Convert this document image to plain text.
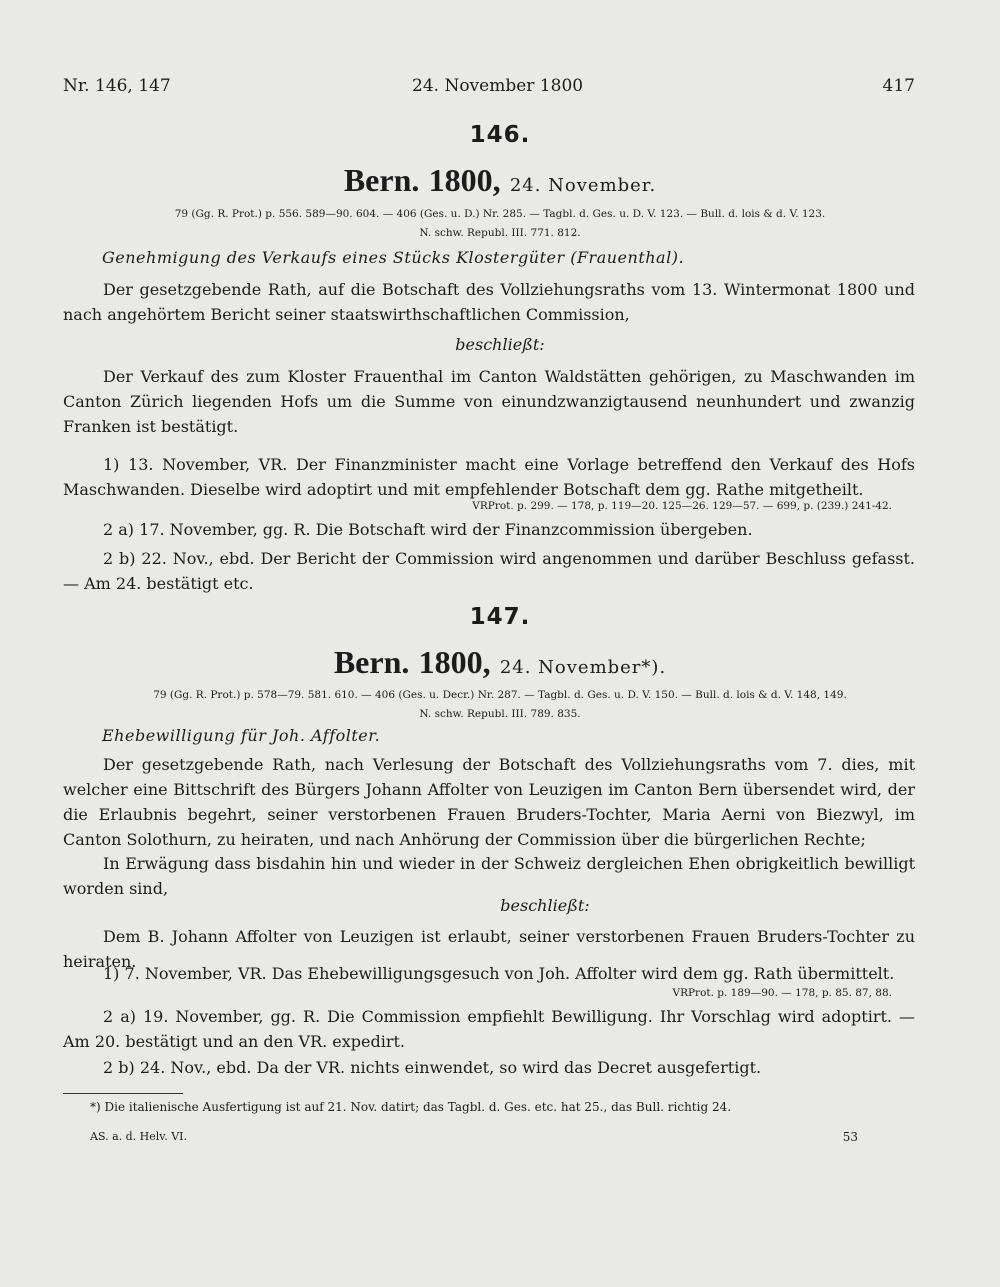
Nr. 146, 147	24. November 1800	417
146.
Bern. 1800, 24. November.
79 (Gg. R. Prot.) p. 556. 589—90. 604. — 406 (Ges. u. D.) Nr. 285. — Tagbl. d. Ges. u. D. V. 123. — Bull. d. lois & d. V. 123.
N. schw. Republ. III. 771. 812.
Genehmigung des Verkaufs eines Stücks Klostergüter (Frauenthal).

Der gesetzgebende Rath, auf die Botschaft des Vollziehungsraths vom 13. Wintermonat 1800 und nach angehörtem Bericht seiner staatswirthschaftlichen Commission,

beschließt:

Der Verkauf des zum Kloster Frauenthal im Canton Waldstätten gehörigen, zu Maschwanden im Canton Zürich liegenden Hofs um die Summe von einundzwanzigtausend neunhundert und zwanzig Franken ist bestätigt.

1) 13. November, VR. Der Finanzminister macht eine Vorlage betreffend den Verkauf des Hofs Maschwanden. Dieselbe wird adoptirt und mit empfehlender Botschaft dem gg. Rathe mitgetheilt.

VRProt. p. 299. — 178, p. 119—20. 125—26. 129—57. — 699, p. (239.) 241-42.

2 a) 17. November, gg. R. Die Botschaft wird der Finanzcommission übergeben.

2 b) 22. Nov., ebd. Der Bericht der Commission wird angenommen und darüber Beschluss gefasst. — Am 24. bestätigt etc.

147.
Bern. 1800, 24. November*).
79 (Gg. R. Prot.) p. 578—79. 581. 610. — 406 (Ges. u. Decr.) Nr. 287. — Tagbl. d. Ges. u. D. V. 150. — Bull. d. lois & d. V. 148, 149.
N. schw. Republ. III. 789. 835.
Ehebewilligung für Joh. Affolter.

Der gesetzgebende Rath, nach Verlesung der Botschaft des Vollziehungsraths vom 7. dies, mit welcher eine Bittschrift des Bürgers Johann Affolter von Leuzigen im Canton Bern übersendet wird, der die Erlaubnis begehrt, seiner verstorbenen Frauen Bruders-Tochter, Maria Aerni von Biezwyl, im Canton Solothurn, zu heiraten, und nach Anhörung der Commission über die bürgerlichen Rechte;

In Erwägung dass bisdahin hin und wieder in der Schweiz dergleichen Ehen obrigkeitlich bewilligt worden sind,

beschließt:

Dem B. Johann Affolter von Leuzigen ist erlaubt, seiner verstorbenen Frauen Bruders-Tochter zu heiraten.

1) 7. November, VR. Das Ehebewilligungsgesuch von Joh. Affolter wird dem gg. Rath übermittelt.

VRProt. p. 189—90. — 178, p. 85. 87, 88.

2 a) 19. November, gg. R. Die Commission empfiehlt Bewilligung. Ihr Vorschlag wird adoptirt. — Am 20. bestätigt und an den VR. expedirt.

2 b) 24. Nov., ebd. Da der VR. nichts einwendet, so wird das Decret ausgefertigt.

*) Die italienische Ausfertigung ist auf 21. Nov. datirt; das Tagbl. d. Ges. etc. hat 25., das Bull. richtig 24.
AS. a. d. Helv. VI.	53
